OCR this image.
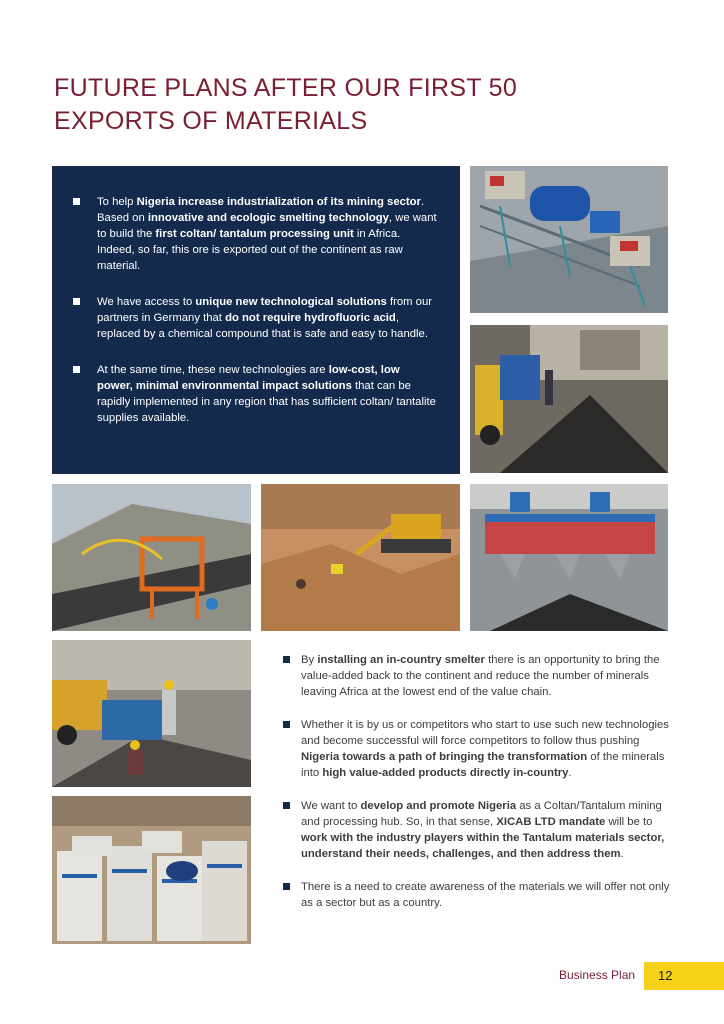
FUTURE PLANS AFTER OUR FIRST 50
EXPORTS OF MATERIALS

To help Nigeria increase industrialization of its mining sector. Based on innovative and ecologic smelting technology, we want to build the first coltan/ tantalum processing unit in Africa. Indeed, so far, this ore is exported out of the continent as raw material.

We have access to unique new technological solutions from our partners in Germany that do not require hydrofluoric acid, replaced by a chemical compound that is safe and easy to handle.

At the same time, these new technologies are low-cost, low power, minimal environmental impact solutions that can be rapidly implemented in any region that has sufficient coltan/ tantalite supplies available.

By installing an in-country smelter there is an opportunity to bring the value-added back to the continent and reduce the number of minerals leaving Africa at the lowest end of the value chain.

Whether it is by us or competitors who start to use such new technologies and become successful will force competitors to follow thus pushing Nigeria towards a path of bringing the transformation of the minerals into high value-added products directly in-country.

We want to develop and promote Nigeria as a Coltan/Tantalum mining and processing hub. So, in that sense, XICAB LTD mandate will be to work with the industry players within the Tantalum materials sector, understand their needs, challenges, and then address them.

There is a need to create awareness of the materials we will offer not only as a sector but as a country.

Business Plan	12
